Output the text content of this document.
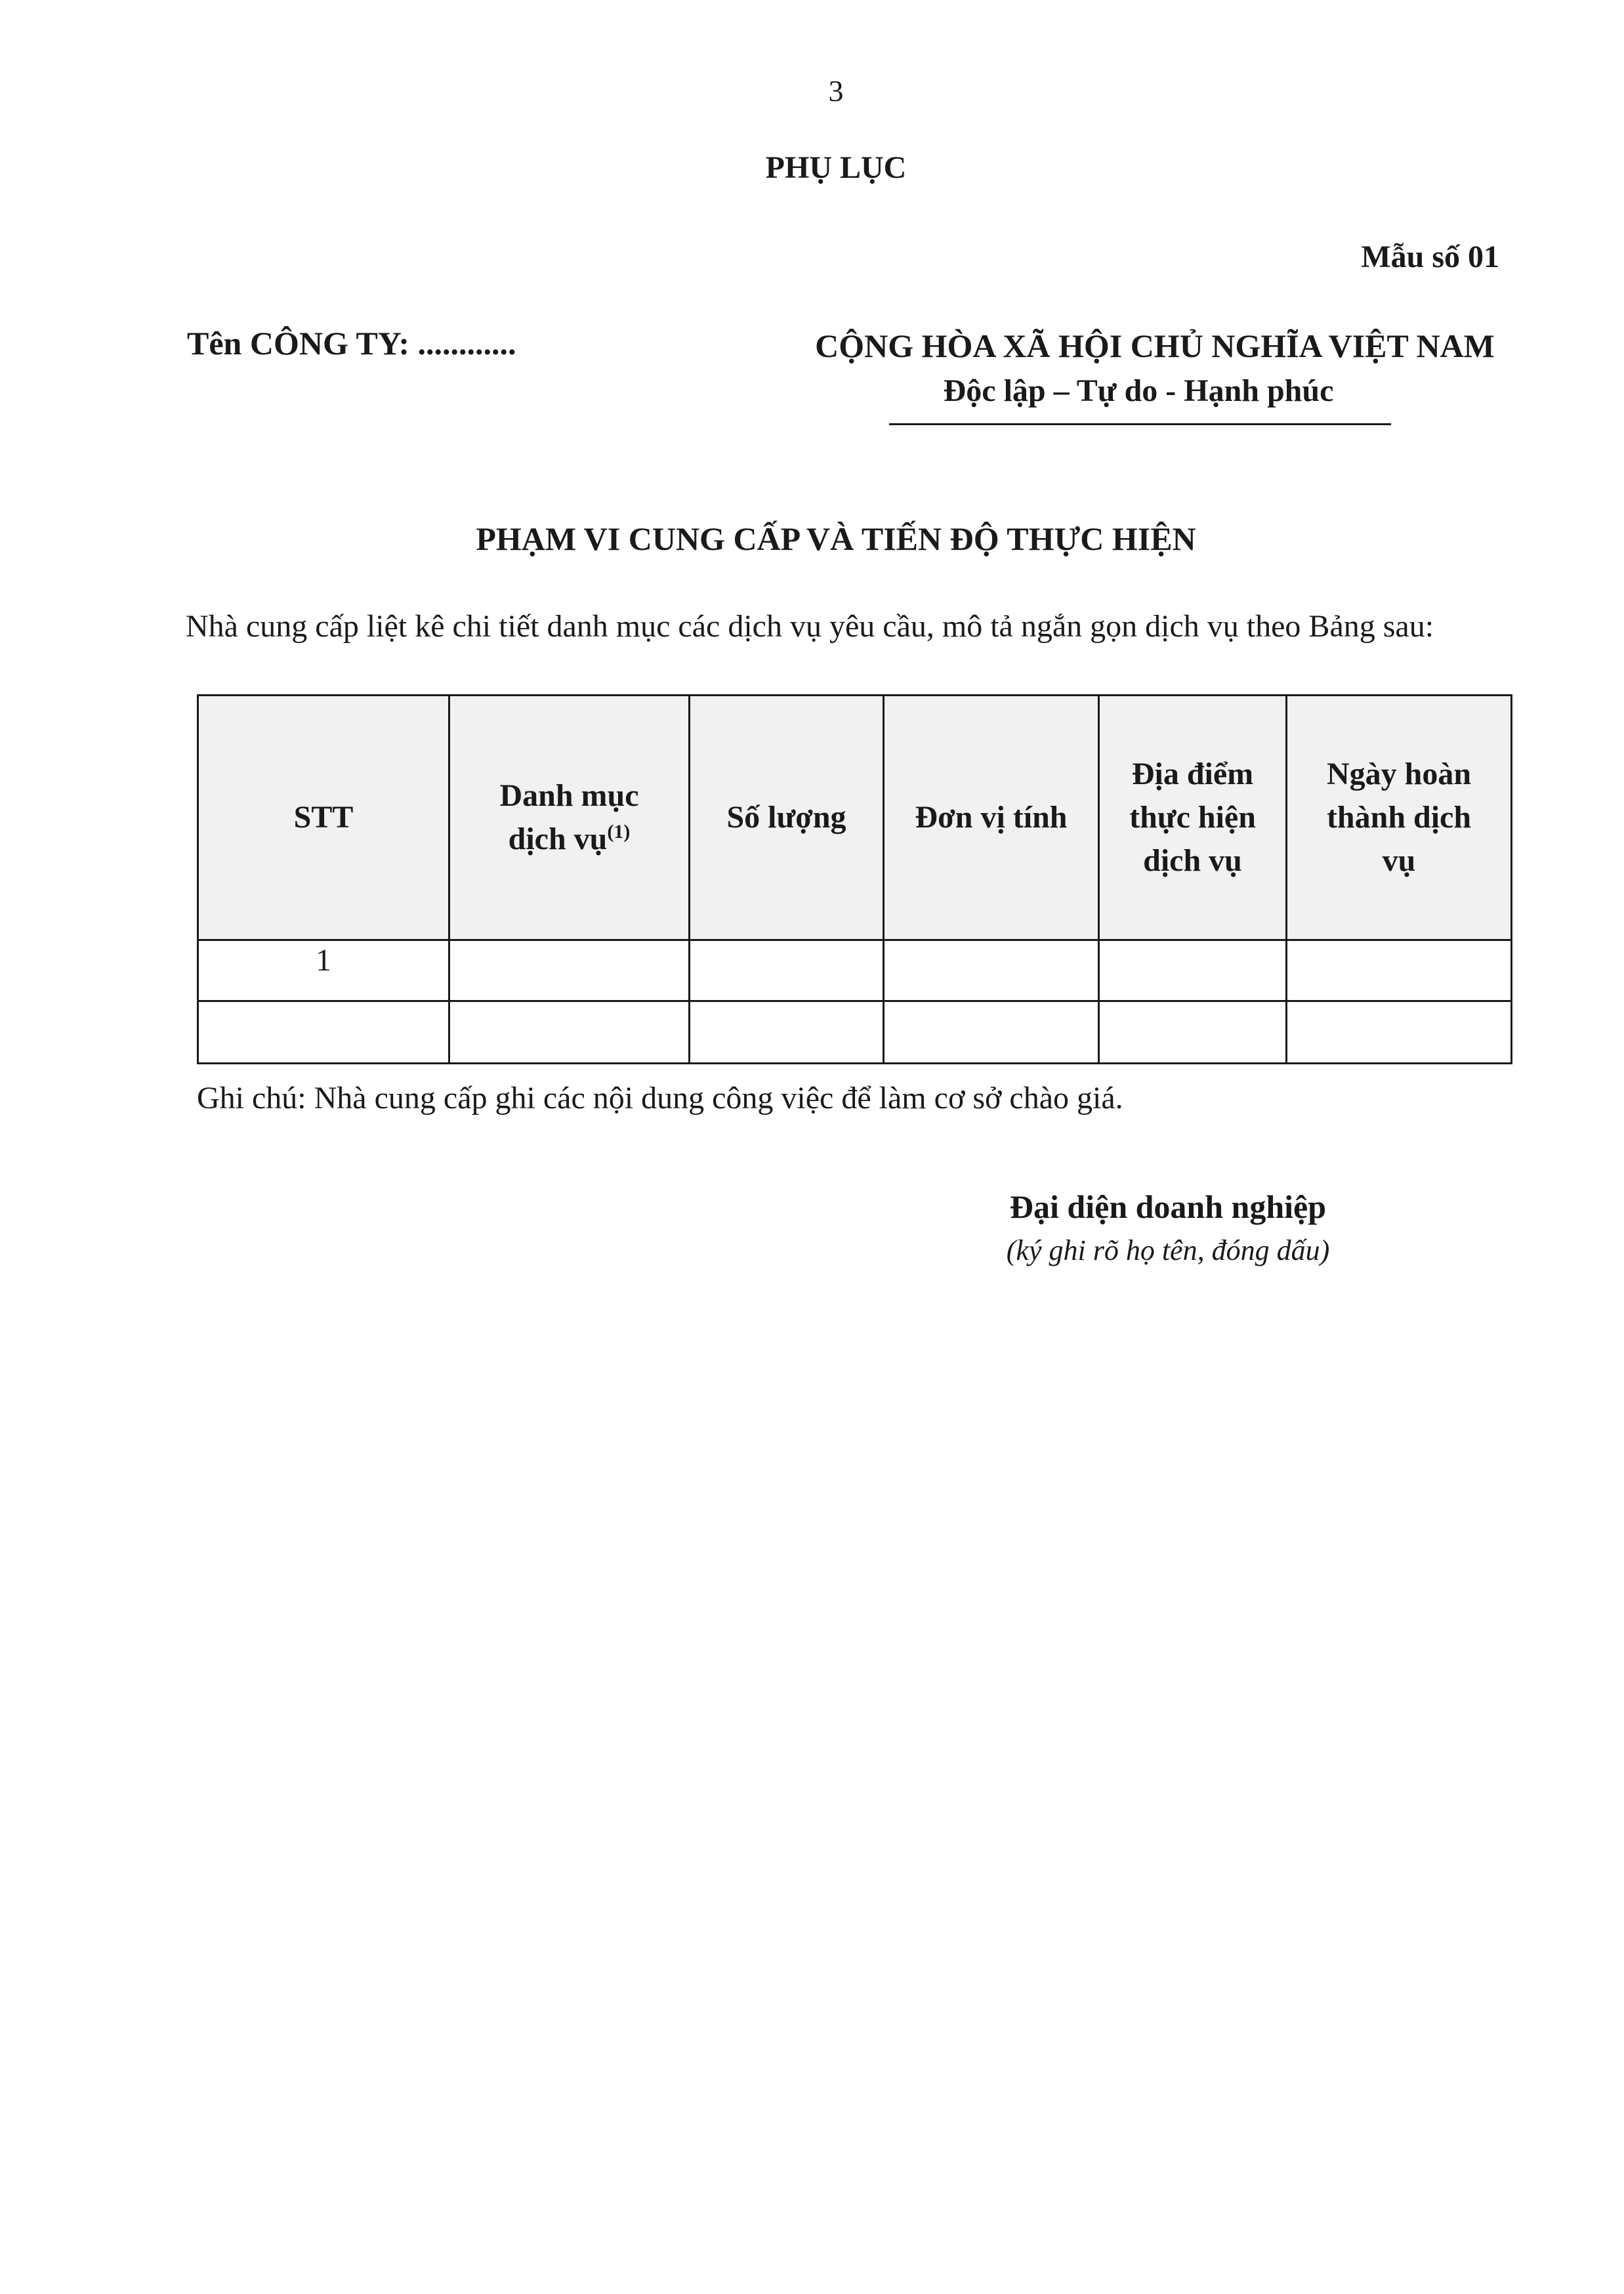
3
PHỤ LỤC
Mẫu số 01
Tên CÔNG TY: ............	CỘNG HÒA XÃ HỘI CHỦ NGHĨA VIỆT NAM
Độc lập – Tự do - Hạnh phúc
PHẠM VI CUNG CẤP VÀ TIẾN ĐỘ THỰC HIỆN
Nhà cung cấp liệt kê chi tiết danh mục các dịch vụ yêu cầu, mô tả ngắn gọn dịch vụ theo Bảng sau:
STT	Danh mục dịch vụ$^{(1)}$	Số lượng	Đơn vị tính	Địa điểm thực hiện dịch vụ	Ngày hoàn thành dịch vụ
1					

Ghi chú: Nhà cung cấp ghi các nội dung công việc để làm cơ sở chào giá.
Đại diện doanh nghiệp
(ký ghi rõ họ tên, đóng dấu)
